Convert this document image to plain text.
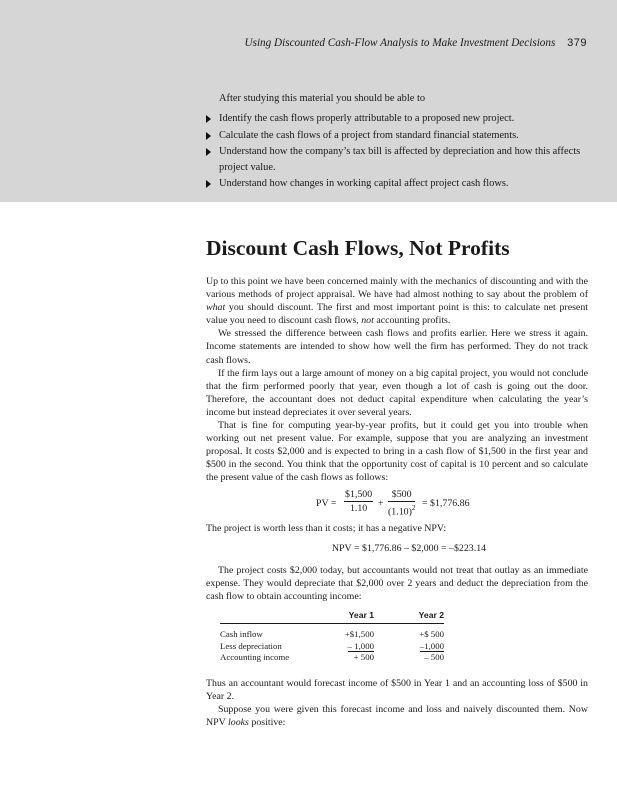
Using Discounted Cash-Flow Analysis to Make Investment Decisions 379

After studying this material you should be able to

Identify the cash flows properly attributable to a proposed new project.
Calculate the cash flows of a project from standard financial statements.
Understand how the company’s tax bill is affected by depreciation and how this affects project value.
Understand how changes in working capital affect project cash flows.
Discount Cash Flows, Not Profits

Up to this point we have been concerned mainly with the mechanics of discounting and with the various methods of project appraisal. We have had almost nothing to say about the problem of what you should discount. The first and most important point is this: to calculate net present value you need to discount cash flows, not accounting profits.

We stressed the difference between cash flows and profits earlier. Here we stress it again. Income statements are intended to show how well the firm has performed. They do not track cash flows.

If the firm lays out a large amount of money on a big capital project, you would not conclude that the firm performed poorly that year, even though a lot of cash is going out the door. Therefore, the accountant does not deduct capital expenditure when calculating the year’s income but instead depreciates it over several years.

That is fine for computing year-by-year profits, but it could get you into trouble when working out net present value. For example, suppose that you are analyzing an investment proposal. It costs $2,000 and is expected to bring in a cash flow of $1,500 in the first year and $500 in the second. You think that the opportunity cost of capital is 10 percent and so calculate the present value of the cash flows as follows:

PV = $\frac{\$1,500}{1.10} + \frac{\$500}{(1.10)^2}$ = $1,776.86

The project is worth less than it costs; it has a negative NPV:

NPV = $1,776.86 – $2,000 = –$223.14

The project costs $2,000 today, but accountants would not treat that outlay as an immediate expense. They would depreciate that $2,000 over 2 years and deduct the depreciation from the cash flow to obtain accounting income:

	Year 1	Year 2

Cash inflow	+$1,500	+$ 500
Less depreciation	– 1,000	–1,000
Accounting income	+ 500	– 500

Thus an accountant would forecast income of $500 in Year 1 and an accounting loss of $500 in Year 2.

Suppose you were given this forecast income and loss and naively discounted them. Now NPV looks positive:
